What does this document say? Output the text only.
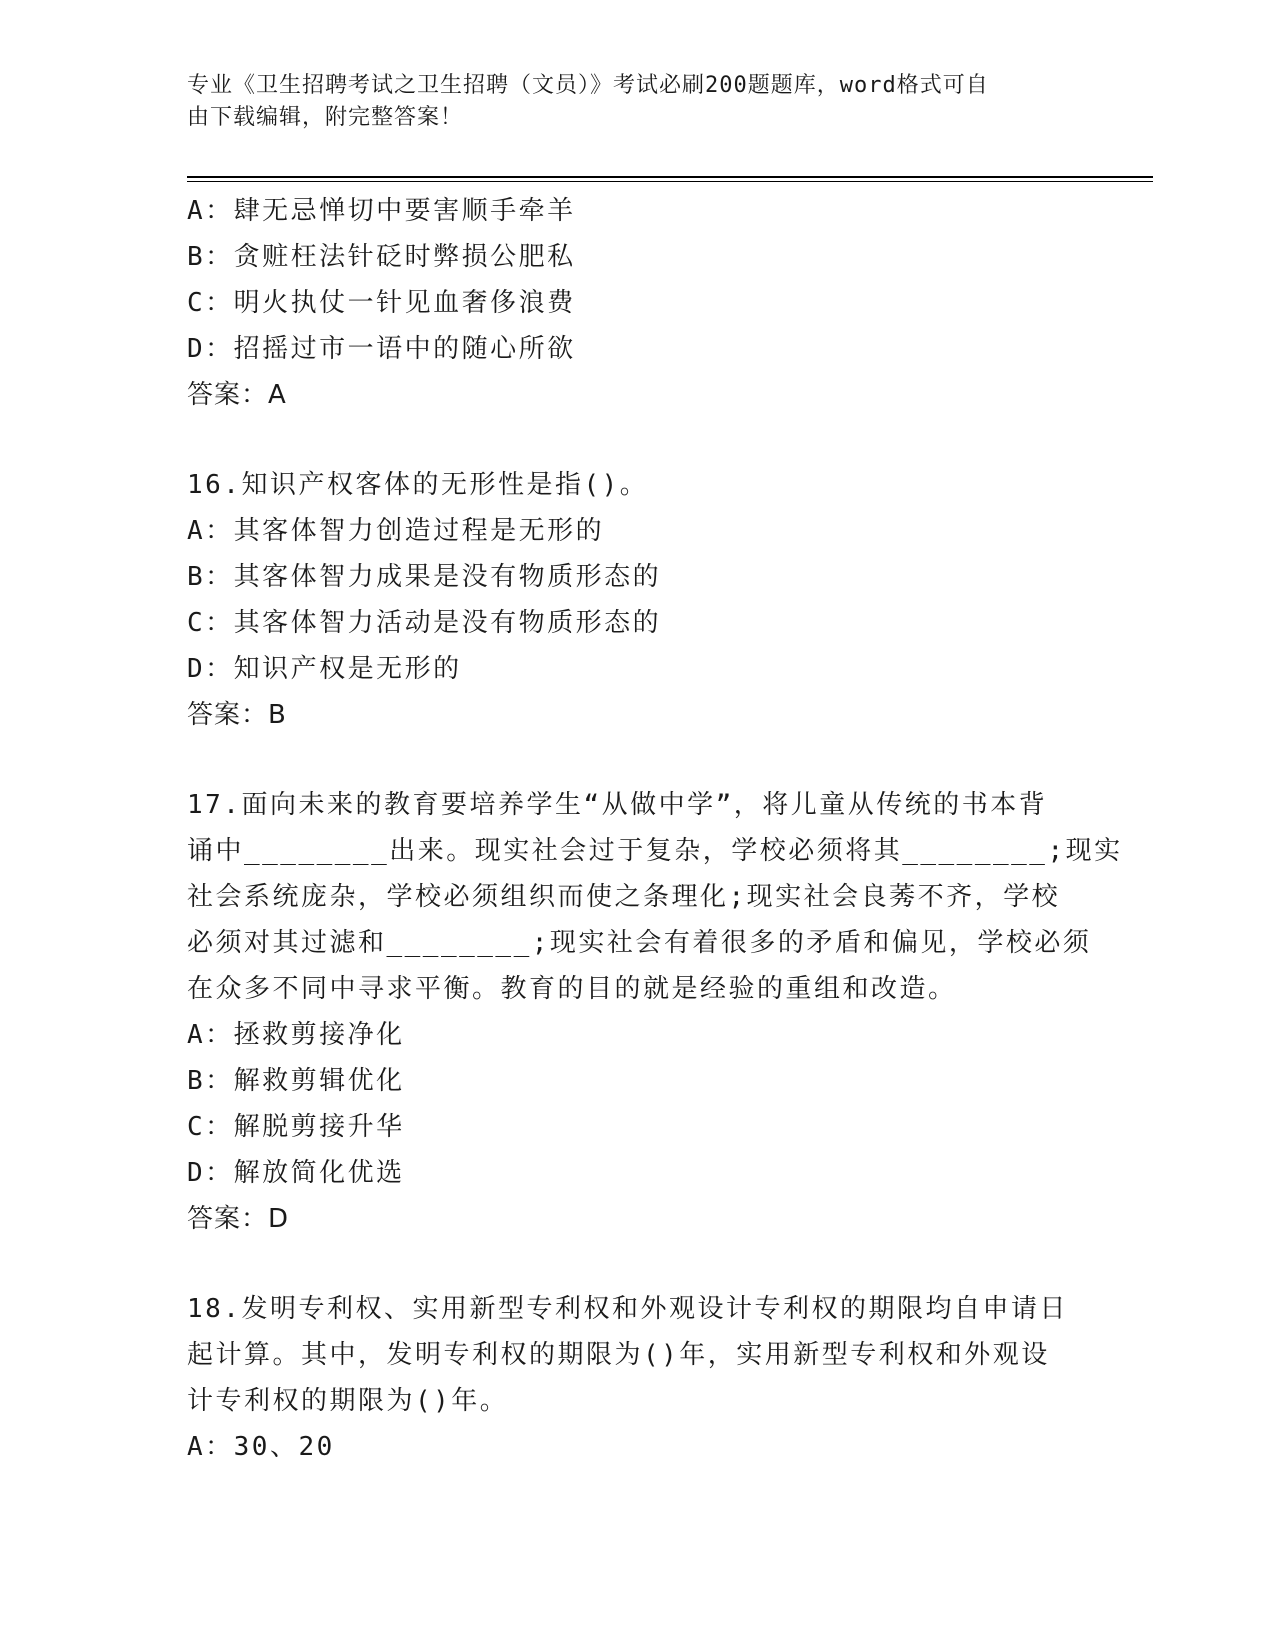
专业《卫生招聘考试之卫生招聘（文员）》考试必刷200题题库，word格式可自
由下载编辑，附完整答案！
A：肆无忌惮切中要害顺手牵羊
B：贪赃枉法针砭时弊损公肥私
C：明火执仗一针见血奢侈浪费
D：招摇过市一语中的随心所欲
答案：A
16.知识产权客体的无形性是指()。
A：其客体智力创造过程是无形的
B：其客体智力成果是没有物质形态的
C：其客体智力活动是没有物质形态的
D：知识产权是无形的
答案：B
17.面向未来的教育要培养学生“从做中学”，将儿童从传统的书本背
诵中________出来。现实社会过于复杂，学校必须将其________;现实
社会系统庞杂，学校必须组织而使之条理化;现实社会良莠不齐，学校
必须对其过滤和________;现实社会有着很多的矛盾和偏见，学校必须
在众多不同中寻求平衡。教育的目的就是经验的重组和改造。
A：拯救剪接净化
B：解救剪辑优化
C：解脱剪接升华
D：解放简化优选
答案：D
18.发明专利权、实用新型专利权和外观设计专利权的期限均自申请日
起计算。其中，发明专利权的期限为()年，实用新型专利权和外观设
计专利权的期限为()年。
A：30、20
